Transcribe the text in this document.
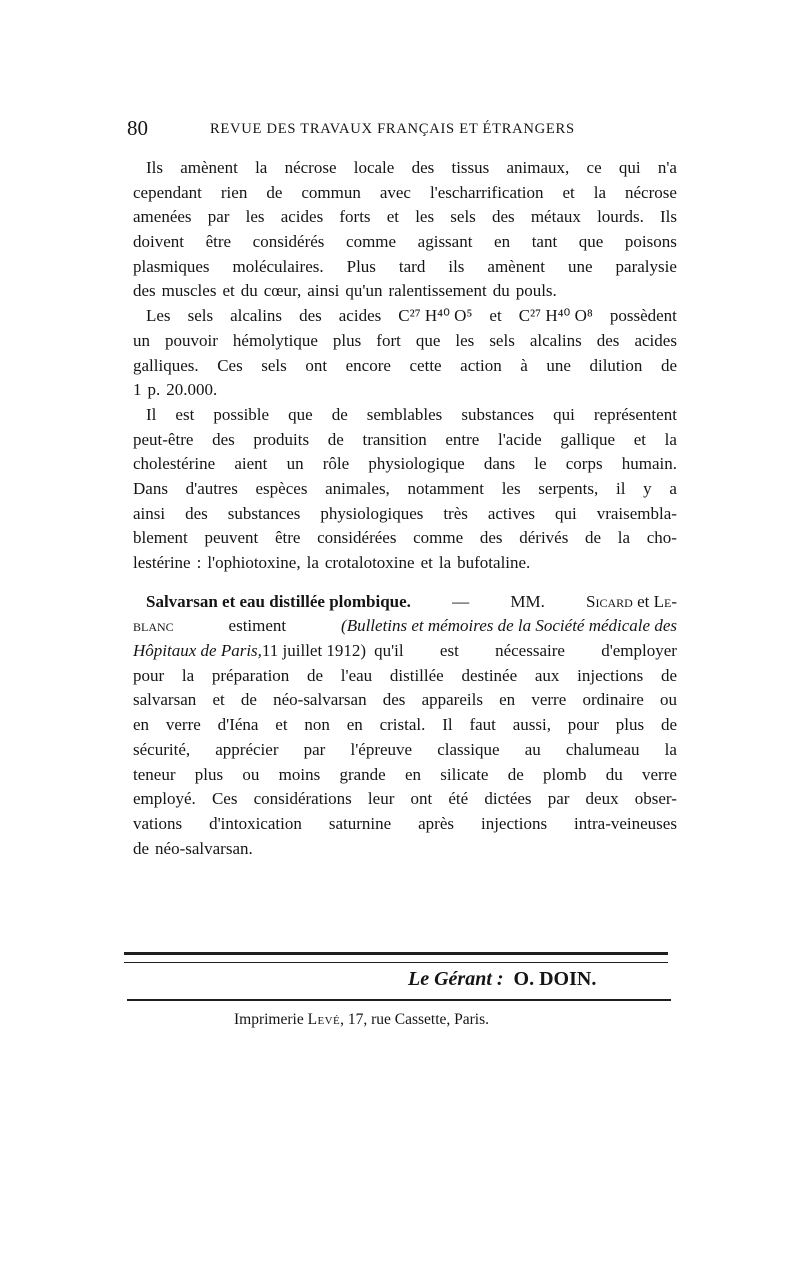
80	REVUE DES TRAVAUX FRANÇAIS ET ÉTRANGERS
Ils amènent la nécrose locale des tissus animaux, ce qui n'a
cependant rien de commun avec l'escharrification et la nécrose
amenées par les acides forts et les sels des métaux lourds. Ils
doivent être considérés comme agissant en tant que poisons
plasmiques moléculaires. Plus tard ils amènent une paralysie
des muscles et du cœur, ainsi qu'un ralentissement du pouls.
Les sels alcalins des acides C²⁷ H⁴⁰ O⁵ et C²⁷ H⁴⁰ O⁸ possèdent
un pouvoir hémolytique plus fort que les sels alcalins des acides
galliques. Ces sels ont encore cette action à une dilution de
1 p. 20.000.
Il est possible que de semblables substances qui représentent
peut-être des produits de transition entre l'acide gallique et la
cholestérine aient un rôle physiologique dans le corps humain.
Dans d'autres espèces animales, notamment les serpents, il y a
ainsi des substances physiologiques très actives qui vraisembla-
blement peuvent être considérées comme des dérivés de la cho-
lestérine : l'ophiotoxine, la crotalotoxine et la bufotaline.
Salvarsan et eau distillée plombique. — MM. Sicard et Le-
blanc	estiment	(Bulletins et mémoires de la Société médicale des
Hôpitaux de Paris, 11 juillet 1912) qu'il est nécessaire d'employer
pour la préparation de l'eau distillée destinée aux injections de
salvarsan et de néo-salvarsan des appareils en verre ordinaire ou
en verre d'Iéna et non en cristal. Il faut aussi, pour plus de
sécurité, apprécier par l'épreuve classique au chalumeau la
teneur plus ou moins grande en silicate de plomb du verre
employé. Ces considérations leur ont été dictées par deux obser-
vations d'intoxication saturnine après injections intra-veineuses
de néo-salvarsan.
Le Gérant : O. DOIN.
Imprimerie Levé, 17, rue Cassette, Paris.
